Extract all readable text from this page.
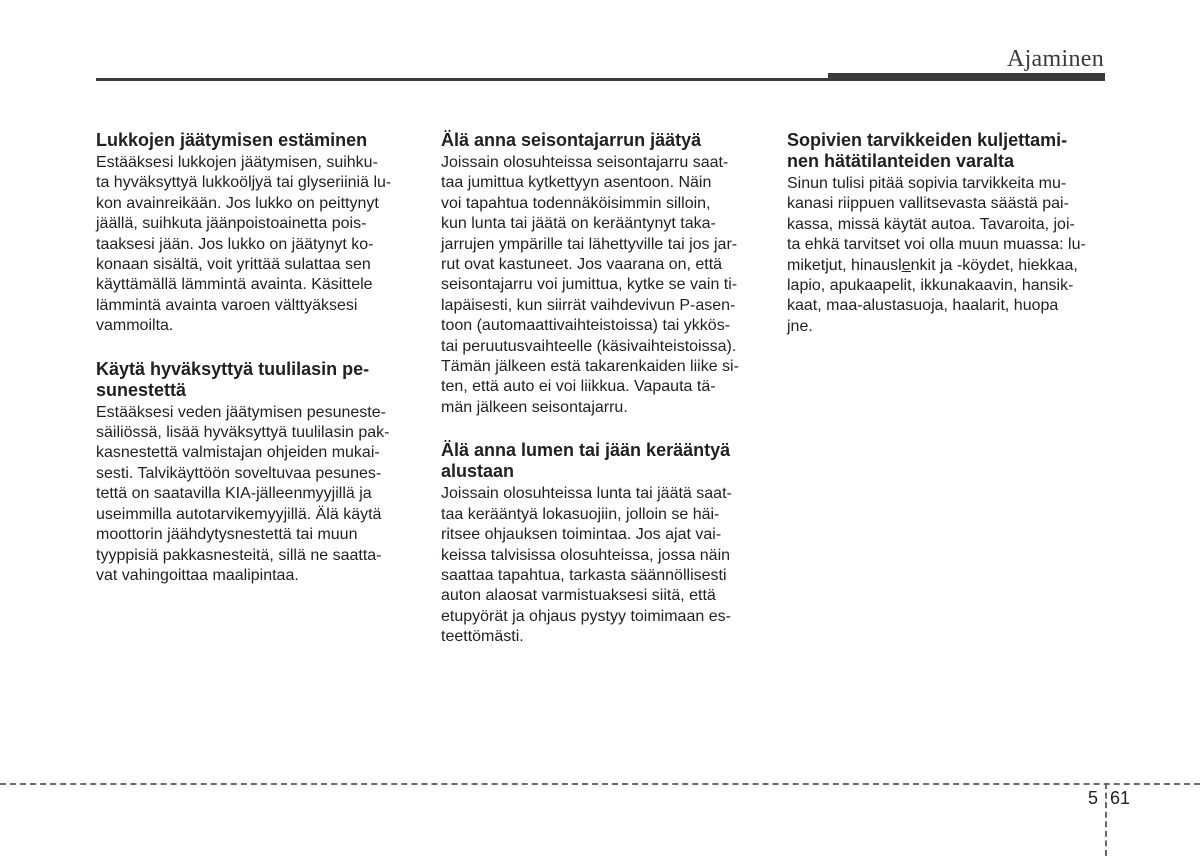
Ajaminen
Lukkojen jäätymisen estäminen

Estääksesi lukkojen jäätymisen, suihku-
ta hyväksyttyä lukkoöljyä tai glyseriiniä lu-
kon avainreikään. Jos lukko on peittynyt
jäällä, suihkuta jäänpoistoainetta pois-
taaksesi jään. Jos lukko on jäätynyt ko-
konaan sisältä, voit yrittää sulattaa sen
käyttämällä lämmintä avainta. Käsittele
lämmintä avainta varoen välttyäksesi
vammoilta.

Käytä hyväksyttyä tuulilasin pe-
sunestettä

Estääksesi veden jäätymisen pesuneste-
säiliössä, lisää hyväksyttyä tuulilasin pak-
kasnestettä valmistajan ohjeiden mukai-
sesti. Talvikäyttöön soveltuvaa pesunes-
tettä on saatavilla KIA-jälleenmyyjillä ja
useimmilla autotarvikemyyjillä. Älä käytä
moottorin jäähdytysnestettä tai muun
tyyppisiä pakkasnesteitä, sillä ne saatta-
vat vahingoittaa maalipintaa.

Älä anna seisontajarrun jäätyä

Joissain olosuhteissa seisontajarru saat-
taa jumittua kytkettyyn asentoon. Näin
voi tapahtua todennäköisimmin silloin,
kun lunta tai jäätä on kerääntynyt taka-
jarrujen ympärille tai lähettyville tai jos jar-
rut ovat kastuneet. Jos vaarana on, että
seisontajarru voi jumittua, kytke se vain ti-
lapäisesti, kun siirrät vaihdevivun P-asen-
toon (automaattivaihteistoissa) tai ykkös-
tai peruutusvaihteelle (käsivaihteistoissa).
Tämän jälkeen estä takarenkaiden liike si-
ten, että auto ei voi liikkua. Vapauta tä-
män jälkeen seisontajarru.

Älä anna lumen tai jään kerääntyä
alustaan

Joissain olosuhteissa lunta tai jäätä saat-
taa kerääntyä lokasuojiin, jolloin se häi-
ritsee ohjauksen toimintaa. Jos ajat vai-
keissa talvisissa olosuhteissa, jossa näin
saattaa tapahtua, tarkasta säännöllisesti
auton alaosat varmistuaksesi siitä, että
etupyörät ja ohjaus pystyy toimimaan es-
teettömästi.

Sopivien tarvikkeiden kuljettami-
nen hätätilanteiden varalta

Sinun tulisi pitää sopivia tarvikkeita mu-
kanasi riippuen vallitsevasta säästä pai-
kassa, missä käytät autoa. Tavaroita, joi-
ta ehkä tarvitset voi olla muun muassa: lu-
miketjut, hinausle̲nkit ja -köydet, hiekkaa,
lapio, apukaapelit, ikkunakaavin, hansik-
kaat, maa-alustasuoja, haalarit, huopa
jne.

5 61
